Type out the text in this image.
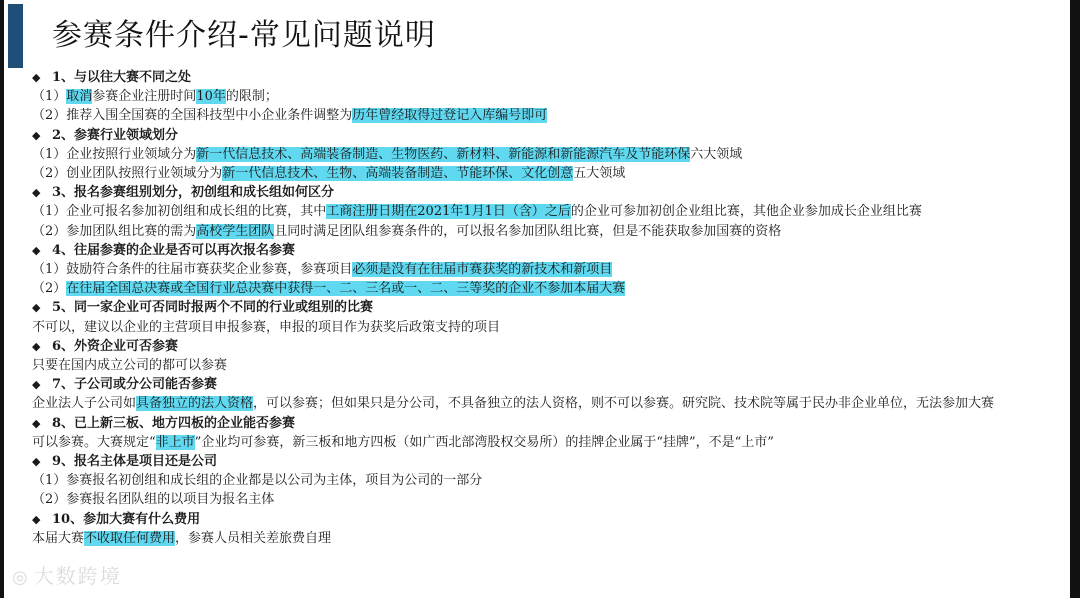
参赛条件介绍-常见问题说明
◆ 1、与以往大赛不同之处
（1）取消参赛企业注册时间10年的限制；
（2）推荐入围全国赛的全国科技型中小企业条件调整为历年曾经取得过登记入库编号即可
◆ 2、参赛行业领域划分
（1）企业按照行业领域分为新一代信息技术、高端装备制造、生物医药、新材料、新能源和新能源汽车及节能环保六大领域
（2）创业团队按照行业领域分为新一代信息技术、生物、高端装备制造、节能环保、文化创意五大领域
◆ 3、报名参赛组别划分，初创组和成长组如何区分
（1）企业可报名参加初创组和成长组的比赛，其中工商注册日期在2021年1月1日（含）之后的企业可参加初创企业组比赛，其他企业参加成长企业组比赛
（2）参加团队组比赛的需为高校学生团队且同时满足团队组参赛条件的，可以报名参加团队组比赛，但是不能获取参加国赛的资格
◆ 4、往届参赛的企业是否可以再次报名参赛
（1）鼓励符合条件的往届市赛获奖企业参赛，参赛项目必须是没有在往届市赛获奖的新技术和新项目
（2）在往届全国总决赛或全国行业总决赛中获得一、二、三名或一、二、三等奖的企业不参加本届大赛
◆ 5、同一家企业可否同时报两个不同的行业或组别的比赛
不可以，建议以企业的主营项目申报参赛，申报的项目作为获奖后政策支持的项目
◆ 6、外资企业可否参赛
只要在国内成立公司的都可以参赛
◆ 7、子公司或分公司能否参赛
企业法人子公司如具备独立的法人资格，可以参赛；但如果只是分公司，不具备独立的法人资格，则不可以参赛。研究院、技术院等属于民办非企业单位，无法参加大赛
◆ 8、已上新三板、地方四板的企业能否参赛
可以参赛。大赛规定“非上市”企业均可参赛，新三板和地方四板（如广西北部湾股权交易所）的挂牌企业属于“挂牌”，不是“上市”
◆ 9、报名主体是项目还是公司
（1）参赛报名初创组和成长组的企业都是以公司为主体，项目为公司的一部分
（2）参赛报名团队组的以项目为报名主体
◆ 10、参加大赛有什么费用
本届大赛不收取任何费用，参赛人员相关差旅费自理
◎ 大数跨境
